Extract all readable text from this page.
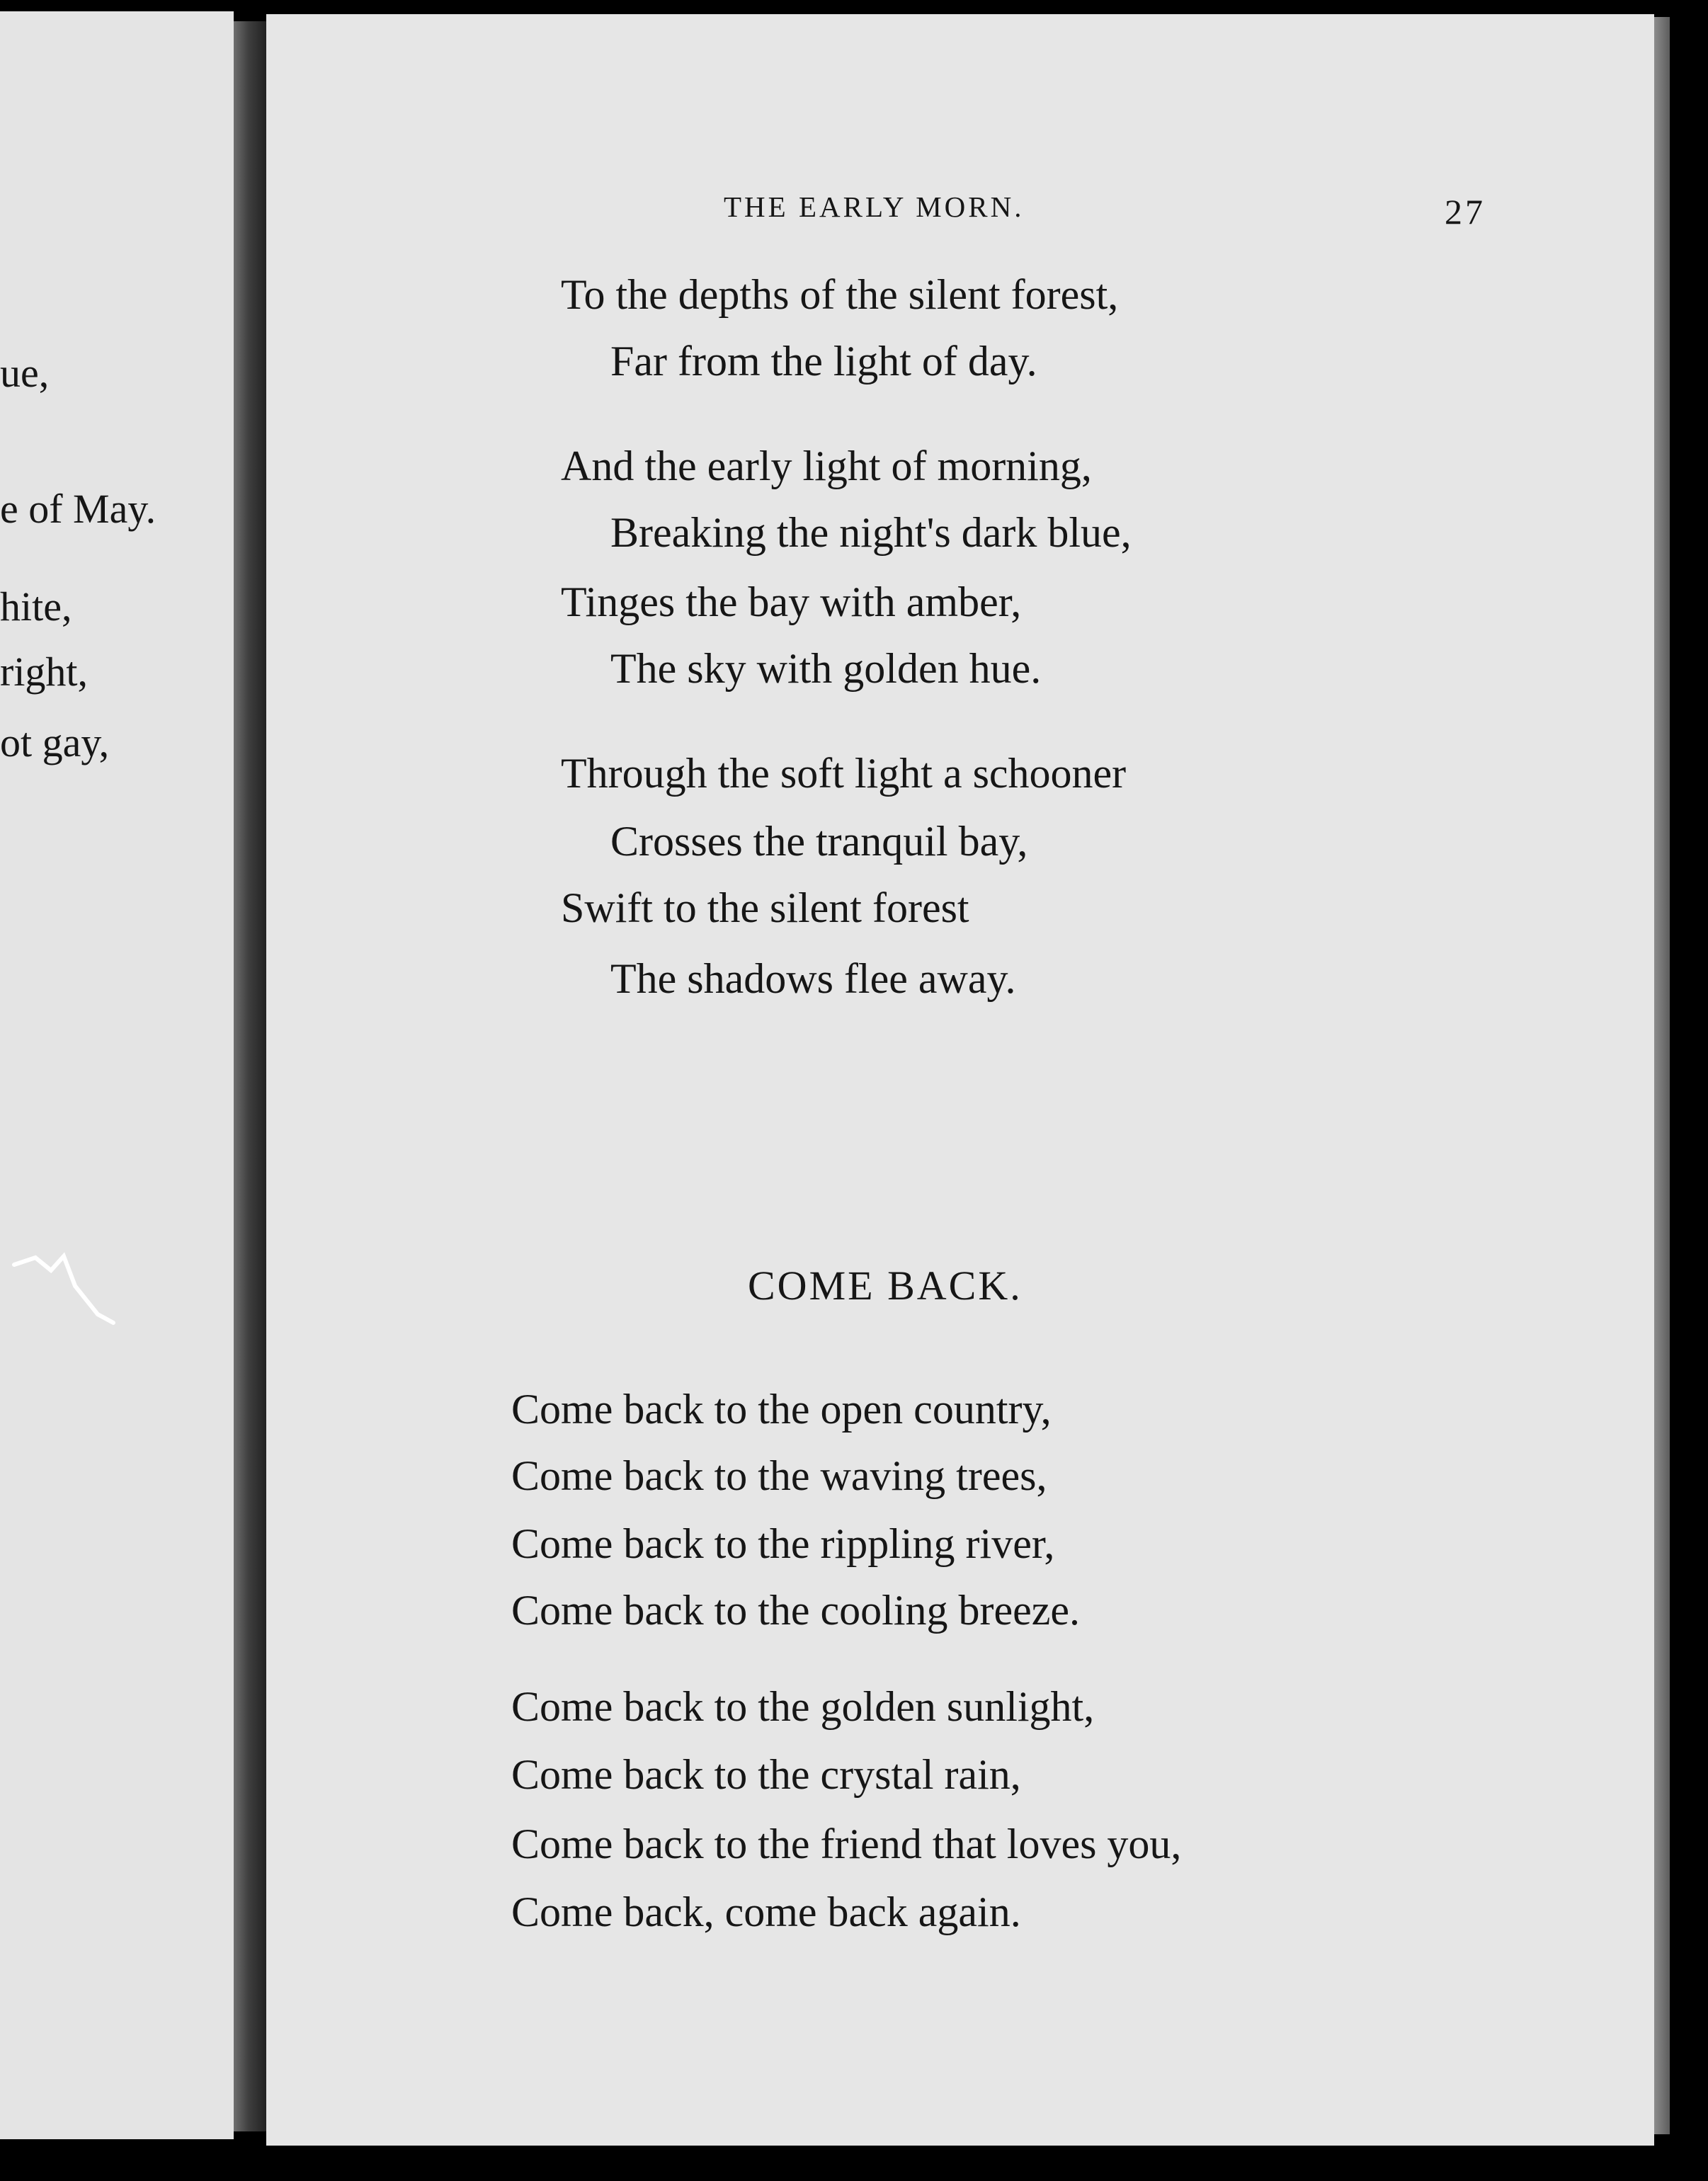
ue,
e of May.
hite,
right,
ot gay,
THE EARLY MORN.	27
To the depths of the silent forest,
Far from the light of day.
And the early light of morning,
Breaking the night's dark blue,
Tinges the bay with amber,
The sky with golden hue.
Through the soft light a schooner
Crosses the tranquil bay,
Swift to the silent forest
The shadows flee away.
COME BACK.
Come back to the open country,
Come back to the waving trees,
Come back to the rippling river,
Come back to the cooling breeze.
Come back to the golden sunlight,
Come back to the crystal rain,
Come back to the friend that loves you,
Come back, come back again.
